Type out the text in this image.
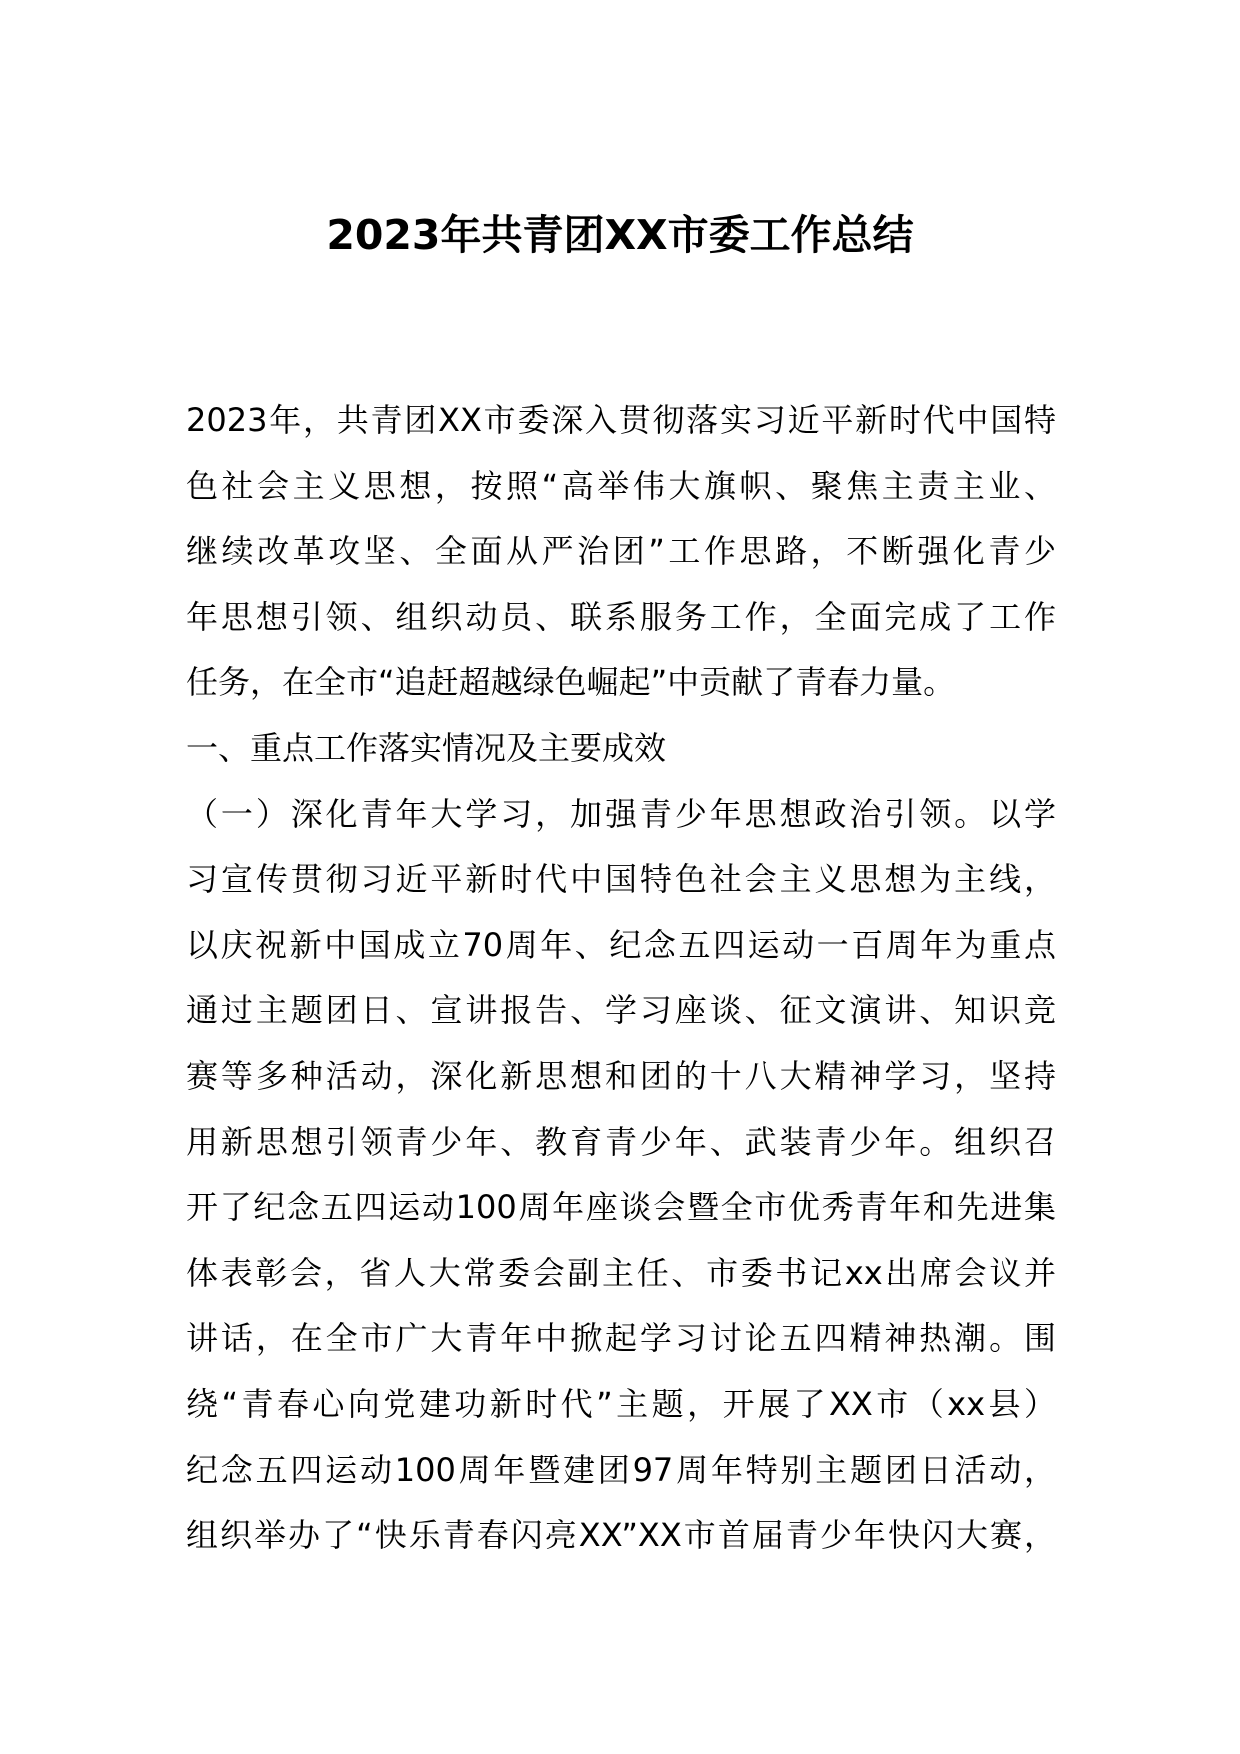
2023年共青团XX市委工作总结
2023年，共青团XX市委深入贯彻落实习近平新时代中国特
色社会主义思想，按照“高举伟大旗帜、聚焦主责主业、
继续改革攻坚、全面从严治团”工作思路，不断强化青少
年思想引领、组织动员、联系服务工作，全面完成了工作
任务，在全市“追赶超越绿色崛起”中贡献了青春力量。
一、重点工作落实情况及主要成效
（一）深化青年大学习，加强青少年思想政治引领。以学
习宣传贯彻习近平新时代中国特色社会主义思想为主线，
以庆祝新中国成立70周年、纪念五四运动一百周年为重点
通过主题团日、宣讲报告、学习座谈、征文演讲、知识竞
赛等多种活动，深化新思想和团的十八大精神学习，坚持
用新思想引领青少年、教育青少年、武装青少年。组织召
开了纪念五四运动100周年座谈会暨全市优秀青年和先进集
体表彰会，省人大常委会副主任、市委书记xx出席会议并
讲话，在全市广大青年中掀起学习讨论五四精神热潮。围
绕“青春心向党建功新时代”主题，开展了XX市（xx县）
纪念五四运动100周年暨建团97周年特别主题团日活动，
组织举办了“快乐青春闪亮XX”XX市首届青少年快闪大赛，
